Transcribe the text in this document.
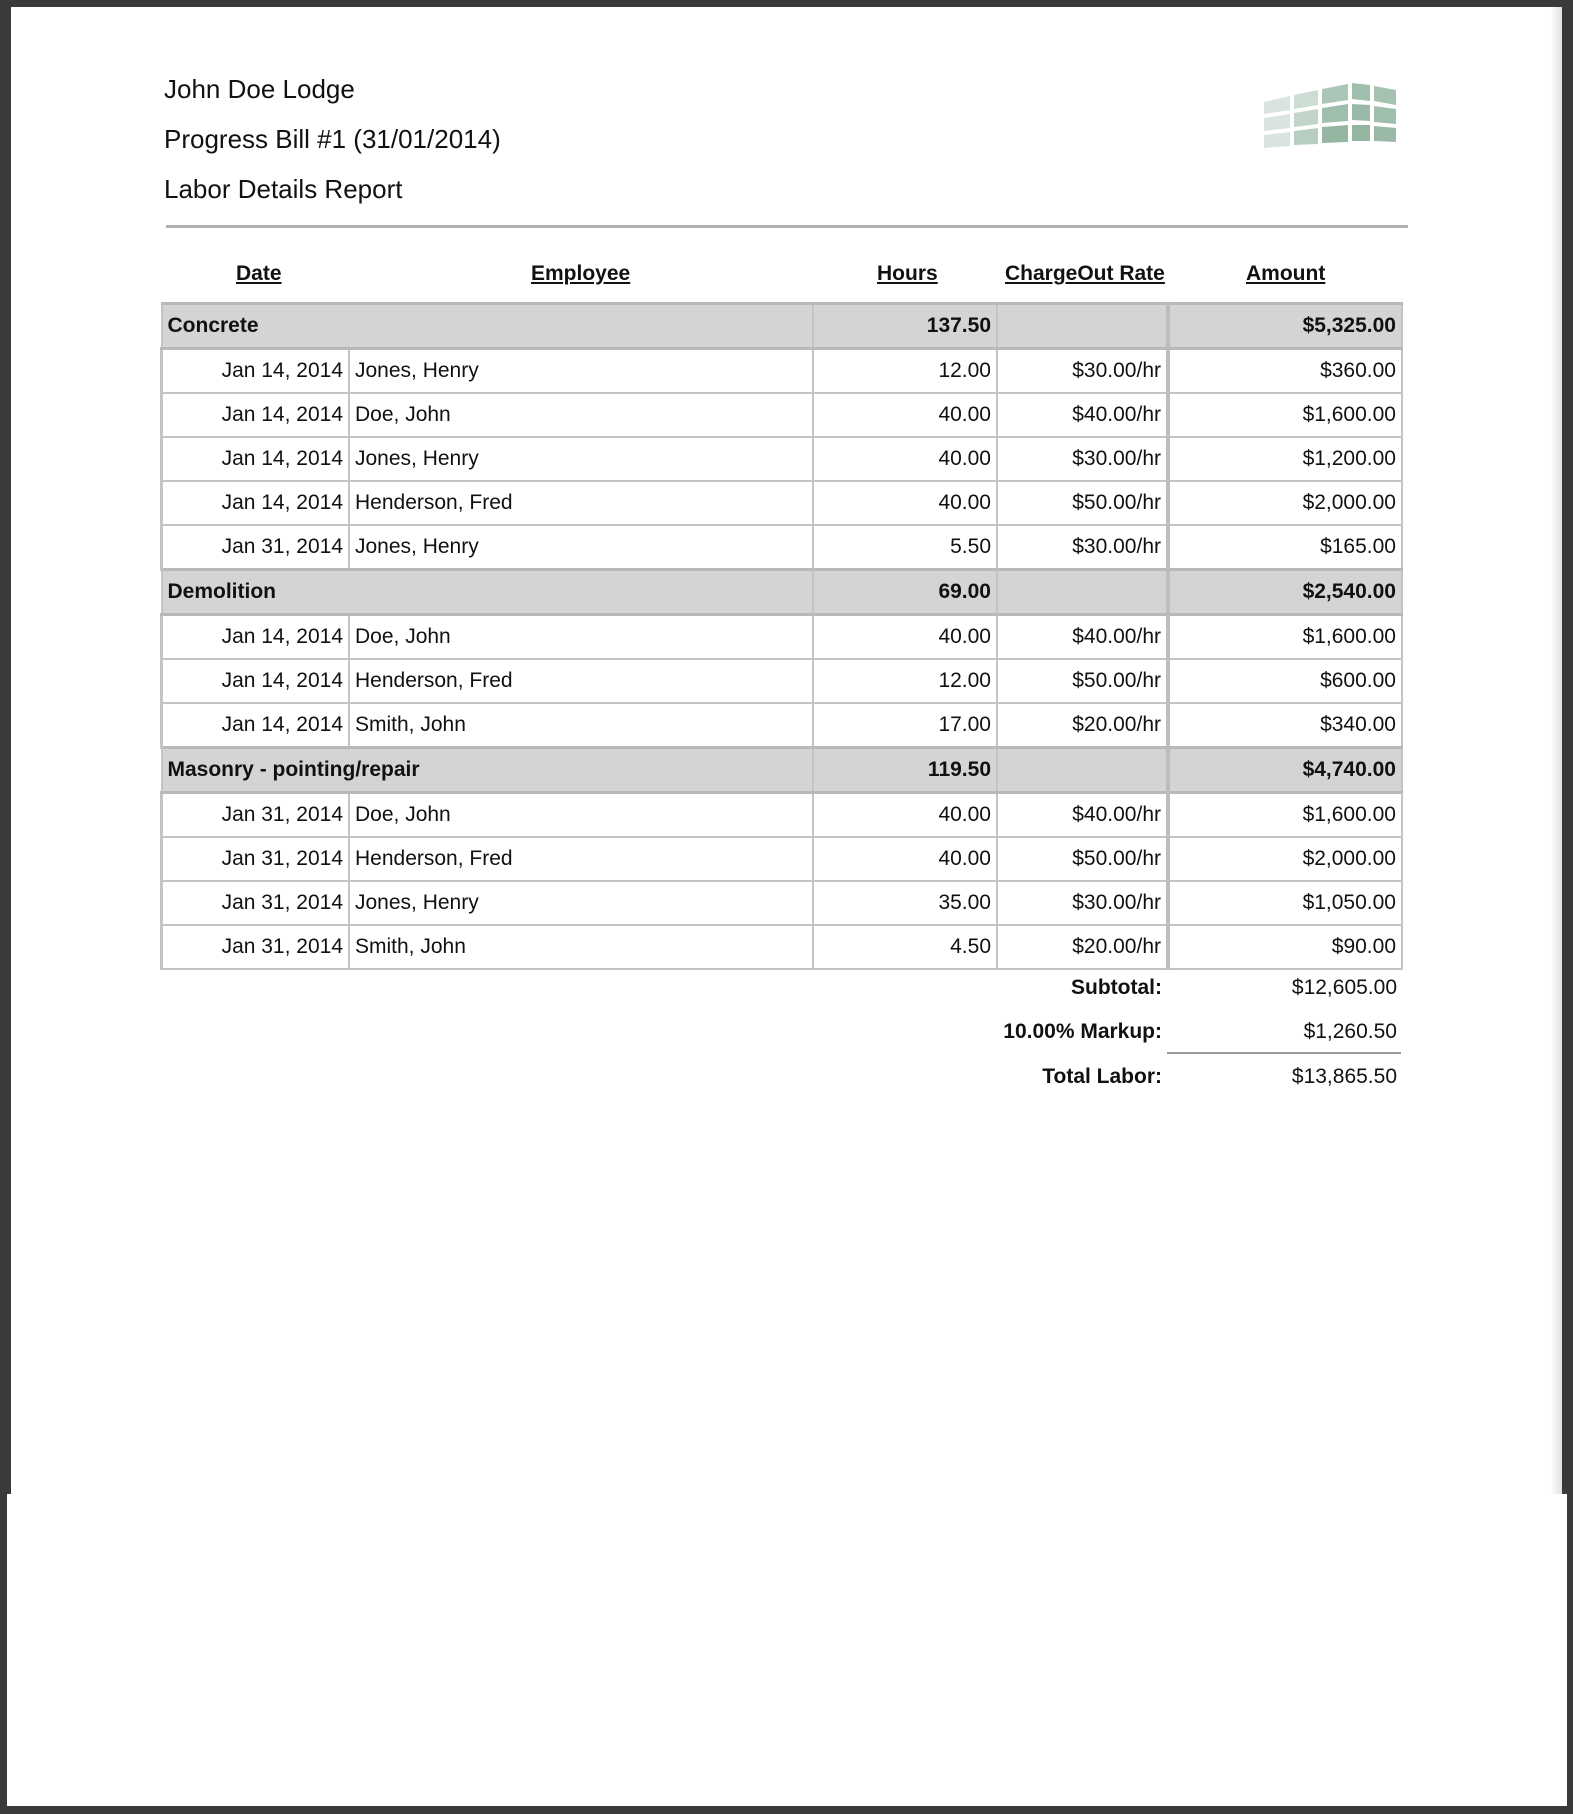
John Doe Lodge
Progress Bill #1 (31/01/2014)
Labor Details Report
Date	Employee	Hours	ChargeOut Rate	Amount
Concrete		137.50		$5,325.00
Jan 14, 2014	Jones, Henry	12.00	$30.00/hr	$360.00
Jan 14, 2014	Doe, John	40.00	$40.00/hr	$1,600.00
Jan 14, 2014	Jones, Henry	40.00	$30.00/hr	$1,200.00
Jan 14, 2014	Henderson, Fred	40.00	$50.00/hr	$2,000.00
Jan 31, 2014	Jones, Henry	5.50	$30.00/hr	$165.00
Demolition		69.00		$2,540.00
Jan 14, 2014	Doe, John	40.00	$40.00/hr	$1,600.00
Jan 14, 2014	Henderson, Fred	12.00	$50.00/hr	$600.00
Jan 14, 2014	Smith, John	17.00	$20.00/hr	$340.00
Masonry - pointing/repair		119.50		$4,740.00
Jan 31, 2014	Doe, John	40.00	$40.00/hr	$1,600.00
Jan 31, 2014	Henderson, Fred	40.00	$50.00/hr	$2,000.00
Jan 31, 2014	Jones, Henry	35.00	$30.00/hr	$1,050.00
Jan 31, 2014	Smith, John	4.50	$20.00/hr	$90.00
Subtotal:	$12,605.00
10.00% Markup:	$1,260.50
Total Labor:	$13,865.50
